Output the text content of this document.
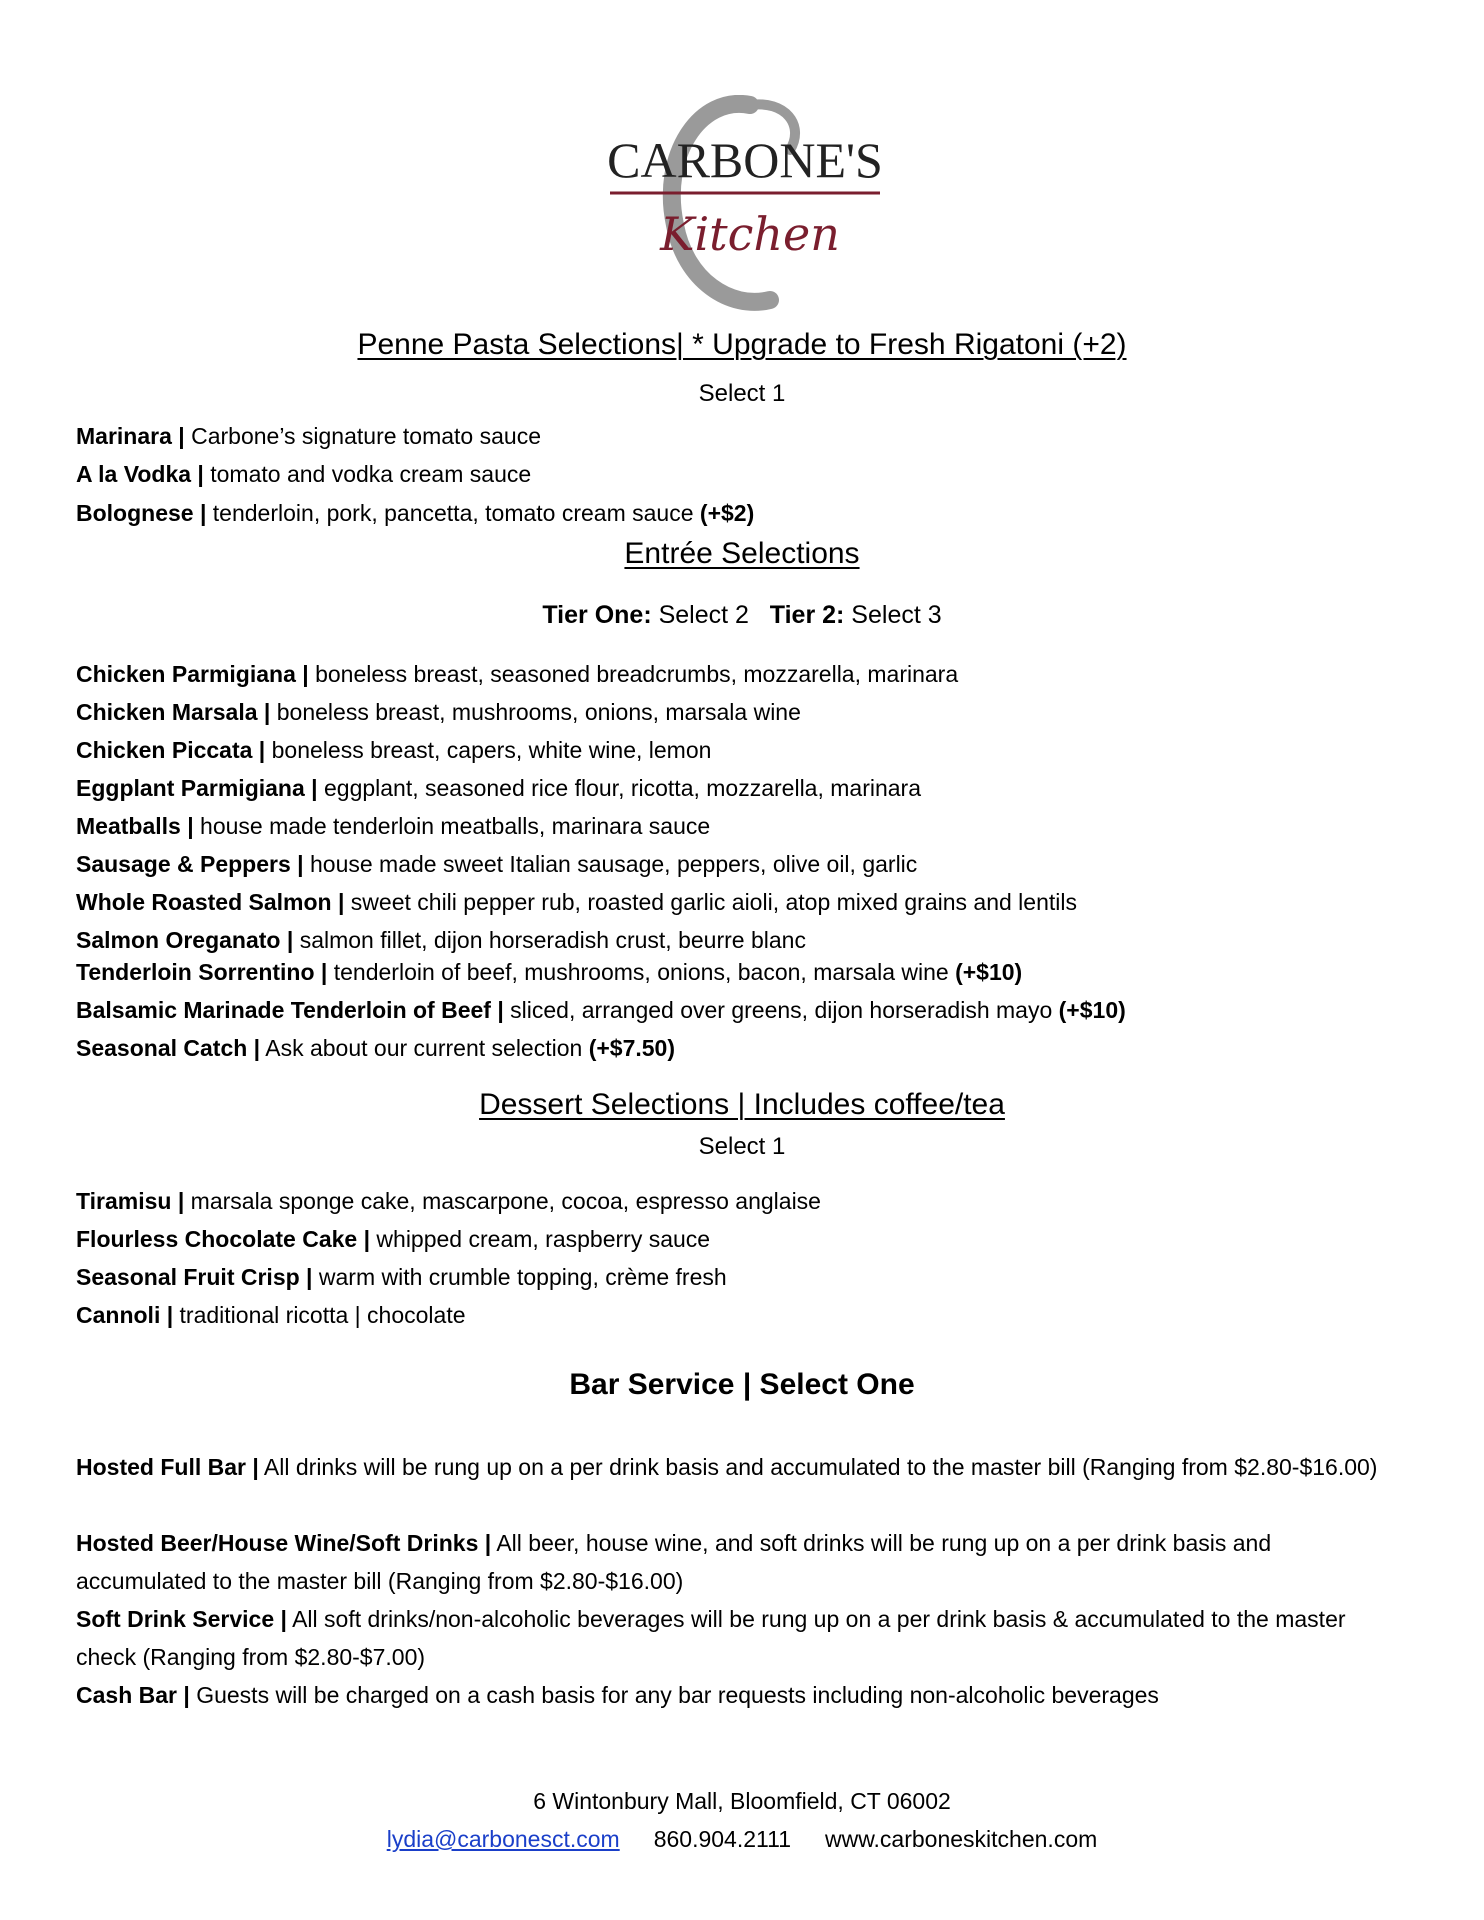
CARBONE'S
Kitchen
Penne Pasta Selections| * Upgrade to Fresh Rigatoni (+2)
Select 1
Marinara | Carbone’s signature tomato sauce
A la Vodka | tomato and vodka cream sauce
Bolognese | tenderloin, pork, pancetta, tomato cream sauce (+$2)
Entrée Selections
Tier One: Select 2 Tier 2: Select 3
Chicken Parmigiana | boneless breast, seasoned breadcrumbs, mozzarella, marinara
Chicken Marsala | boneless breast, mushrooms, onions, marsala wine
Chicken Piccata | boneless breast, capers, white wine, lemon
Eggplant Parmigiana | eggplant, seasoned rice flour, ricotta, mozzarella, marinara
Meatballs | house made tenderloin meatballs, marinara sauce
Sausage & Peppers | house made sweet Italian sausage, peppers, olive oil, garlic
Whole Roasted Salmon | sweet chili pepper rub, roasted garlic aioli, atop mixed grains and lentils
Salmon Oreganato | salmon fillet, dijon horseradish crust, beurre blanc
Tenderloin Sorrentino | tenderloin of beef, mushrooms, onions, bacon, marsala wine (+$10)
Balsamic Marinade Tenderloin of Beef | sliced, arranged over greens, dijon horseradish mayo (+$10)
Seasonal Catch | Ask about our current selection (+$7.50)
Dessert Selections | Includes coffee/tea
Select 1
Tiramisu | marsala sponge cake, mascarpone, cocoa, espresso anglaise
Flourless Chocolate Cake | whipped cream, raspberry sauce
Seasonal Fruit Crisp | warm with crumble topping, crème fresh
Cannoli | traditional ricotta | chocolate
Bar Service | Select One
Hosted Full Bar | All drinks will be rung up on a per drink basis and accumulated to the master bill (Ranging from $2.80-$16.00)
Hosted Beer/House Wine/Soft Drinks | All beer, house wine, and soft drinks will be rung up on a per drink basis and accumulated to the master bill (Ranging from $2.80-$16.00)
Soft Drink Service | All soft drinks/non-alcoholic beverages will be rung up on a per drink basis & accumulated to the master check (Ranging from $2.80-$7.00)
Cash Bar | Guests will be charged on a cash basis for any bar requests including non-alcoholic beverages
6 Wintonbury Mall, Bloomfield, CT 06002
lydia@carbonesct.com 860.904.2111 www.carboneskitchen.com
